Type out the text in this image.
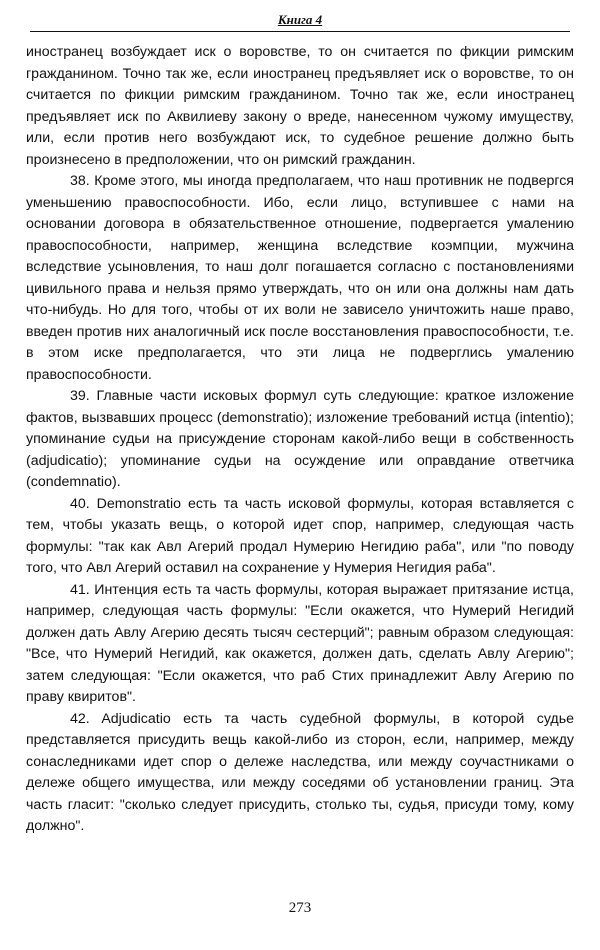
Книга 4

иностранец возбуждает иск о воровстве, то он считается по фикции римским гражданином. Точно так же, если иностранец предъявляет иск о воровстве, то он считается по фикции римским гражданином. Точно так же, если иностранец предъявляет иск по Аквилиеву закону о вреде, нанесенном чужому имуществу, или, если против него возбуждают иск, то судебное решение должно быть произнесено в предположении, что он римский гражданин.

38. Кроме этого, мы иногда предполагаем, что наш противник не подвергся уменьшению правоспособности. Ибо, если лицо, вступившее с нами на основании договора в обязательственное отношение, подвергается умалению правоспособности, например, женщина вследствие коэмпции, мужчина вследствие усыновления, то наш долг погашается согласно с постановлениями цивильного права и нельзя прямо утверждать, что он или она должны нам дать что-нибудь. Но для того, чтобы от их воли не зависело уничтожить наше право, введен против них аналогичный иск после восстановления правоспособности, т.е. в этом иске предполагается, что эти лица не подверглись умалению правоспособности.

39. Главные части исковых формул суть следующие: краткое изложение фактов, вызвавших процесс (demonstratio); изложение требований истца (intentio); упоминание судьи на присуждение сторонам какой-либо вещи в собственность (adjudicatio); упоминание судьи на осуждение или оправдание ответчика (condemnatio).

40. Demonstratio есть та часть исковой формулы, которая вставляется с тем, чтобы указать вещь, о которой идет спор, например, следующая часть формулы: "так как Авл Агерий продал Нумерию Негидию раба", или "по поводу того, что Авл Агерий оставил на сохранение у Нумерия Негидия раба".

41. Интенция есть та часть формулы, которая выражает притязание истца, например, следующая часть формулы: "Если окажется, что Нумерий Негидий должен дать Авлу Агерию десять тысяч сестерций"; равным образом следующая: "Все, что Нумерий Негидий, как окажется, должен дать, сделать Авлу Агерию"; затем следующая: "Если окажется, что раб Стих принадлежит Авлу Агерию по праву квиритов".

42. Adjudicatio есть та часть судебной формулы, в которой судье представляется присудить вещь какой-либо из сторон, если, например, между сонаследниками идет спор о дележе наследства, или между соучастниками о дележе общего имущества, или между соседями об установлении границ. Эта часть гласит: "сколько следует присудить, столько ты, судья, присуди тому, кому должно".

273
